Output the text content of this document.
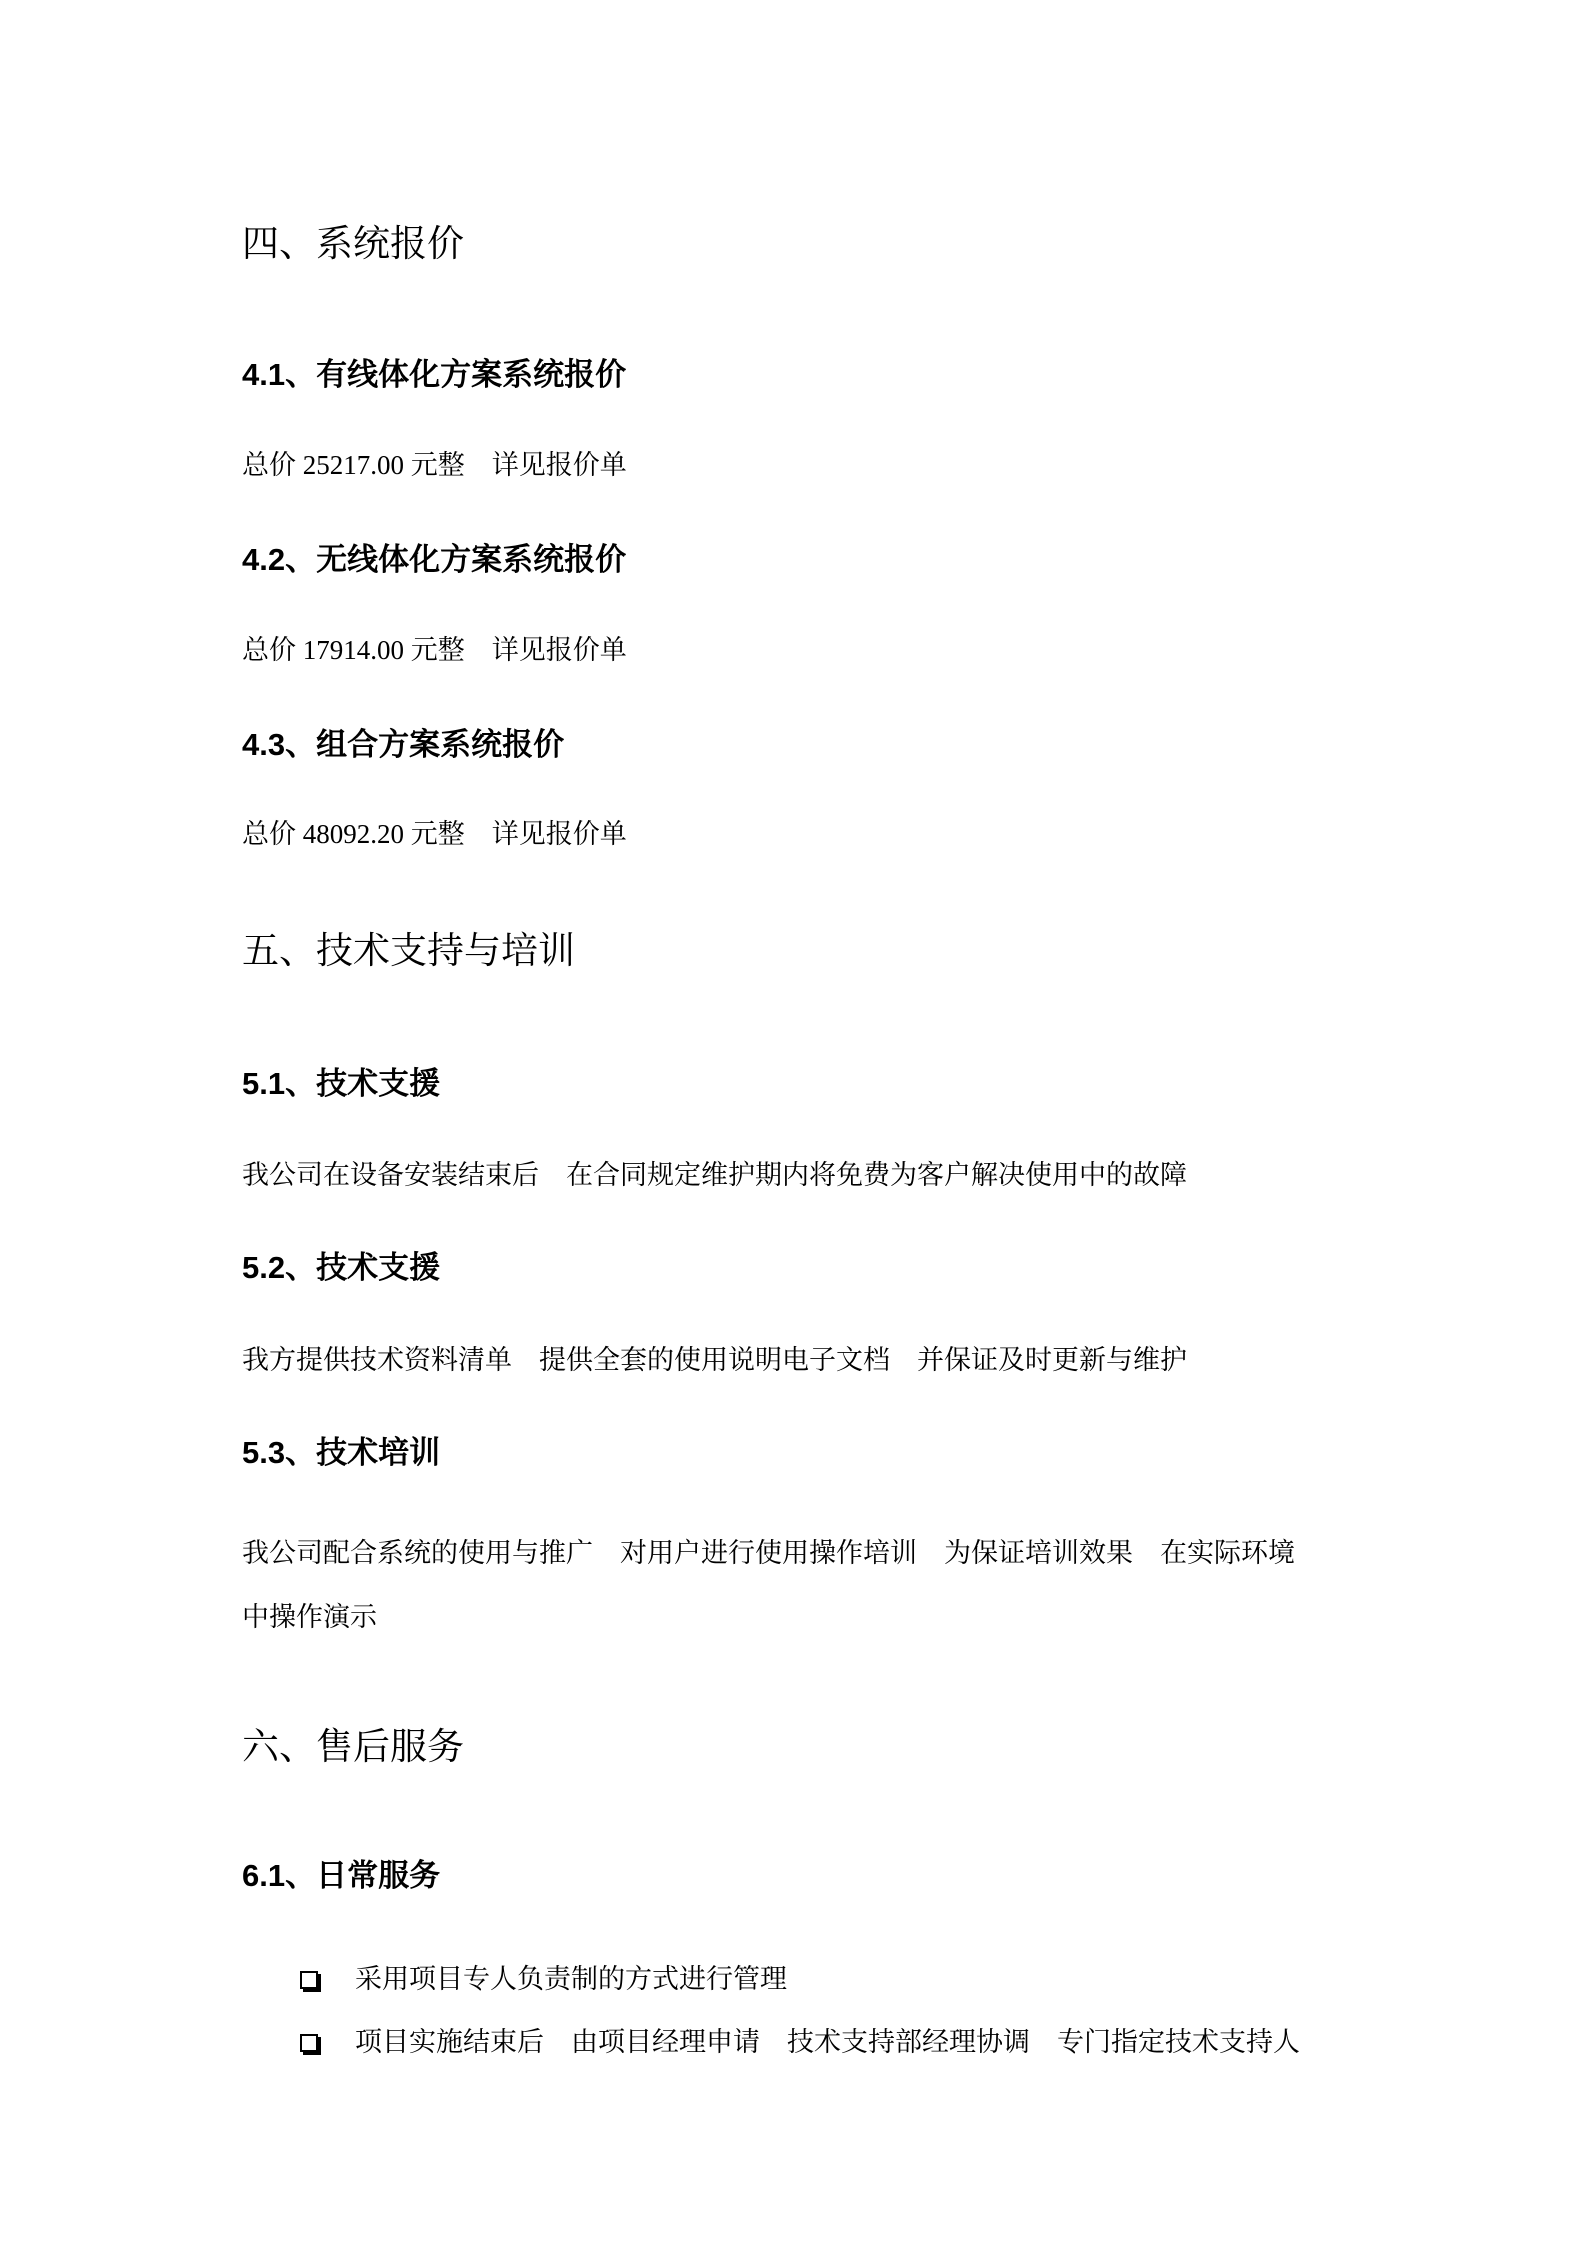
四、系统报价
4.1、有线体化方案系统报价
总价 25217.00 元整　详见报价单
4.2、无线体化方案系统报价
总价 17914.00 元整　详见报价单
4.3、组合方案系统报价
总价 48092.20 元整　详见报价单
五、技术支持与培训
5.1、技术支援
我公司在设备安装结束后　在合同规定维护期内将免费为客户解决使用中的故障
5.2、技术支援
我方提供技术资料清单　提供全套的使用说明电子文档　并保证及时更新与维护
5.3、技术培训
我公司配合系统的使用与推广　对用户进行使用操作培训　为保证培训效果　在实际环境
中操作演示
六、售后服务
6.1、日常服务
采用项目专人负责制的方式进行管理
项目实施结束后　由项目经理申请　技术支持部经理协调　专门指定技术支持人
